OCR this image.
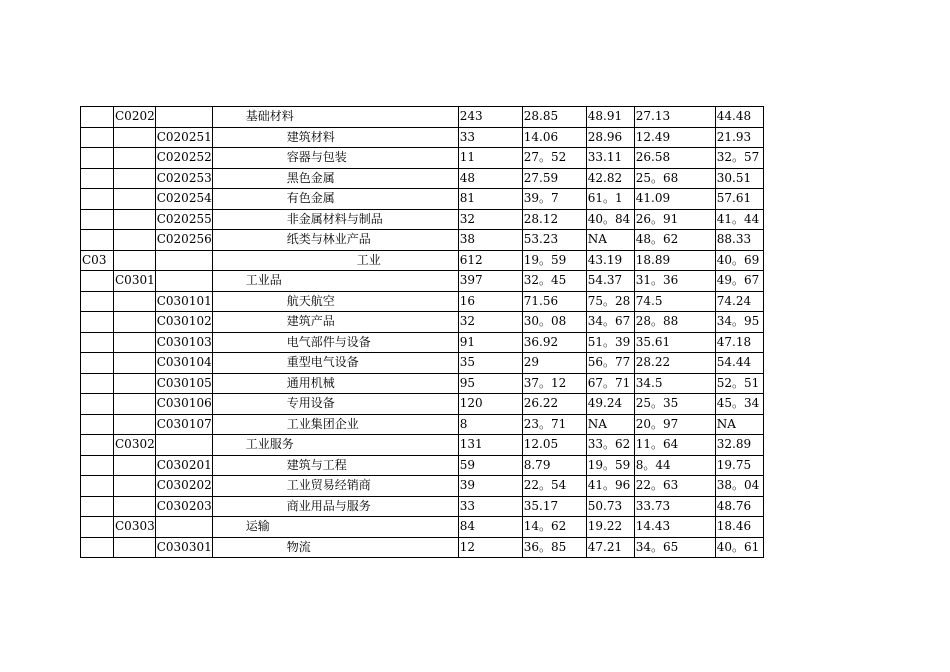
	C0202		基础材料	243	28.85	48.91	27.13	44.48
		C020251	建筑材料	33	14.06	28.96	12.49	21.93
		C020252	容器与包装	11	27。52	33.11	26.58	32。57
		C020253	黑色金属	48	27.59	42.82	25。68	30.51
		C020254	有色金属	81	39。7	61。1	41.09	57.61
		C020255	非金属材料与制品	32	28.12	40。84	26。91	41。44
		C020256	纸类与林业产品	38	53.23	NA	48。62	88.33
C03			工业	612	19。59	43.19	18.89	40。69
	C0301		工业品	397	32。45	54.37	31。36	49。67
		C030101	航天航空	16	71.56	75。28	74.5	74.24
		C030102	建筑产品	32	30。08	34。67	28。88	34。95
		C030103	电气部件与设备	91	36.92	51。39	35.61	47.18
		C030104	重型电气设备	35	29	56。77	28.22	54.44
		C030105	通用机械	95	37。12	67。71	34.5	52。51
		C030106	专用设备	120	26.22	49.24	25。35	45。34
		C030107	工业集团企业	8	23。71	NA	20。97	NA
	C0302		工业服务	131	12.05	33。62	11。64	32.89
		C030201	建筑与工程	59	8.79	19。59	8。44	19.75
		C030202	工业贸易经销商	39	22。54	41。96	22。63	38。04
		C030203	商业用品与服务	33	35.17	50.73	33.73	48.76
	C0303		运输	84	14。62	19.22	14.43	18.46
		C030301	物流	12	36。85	47.21	34。65	40。61
